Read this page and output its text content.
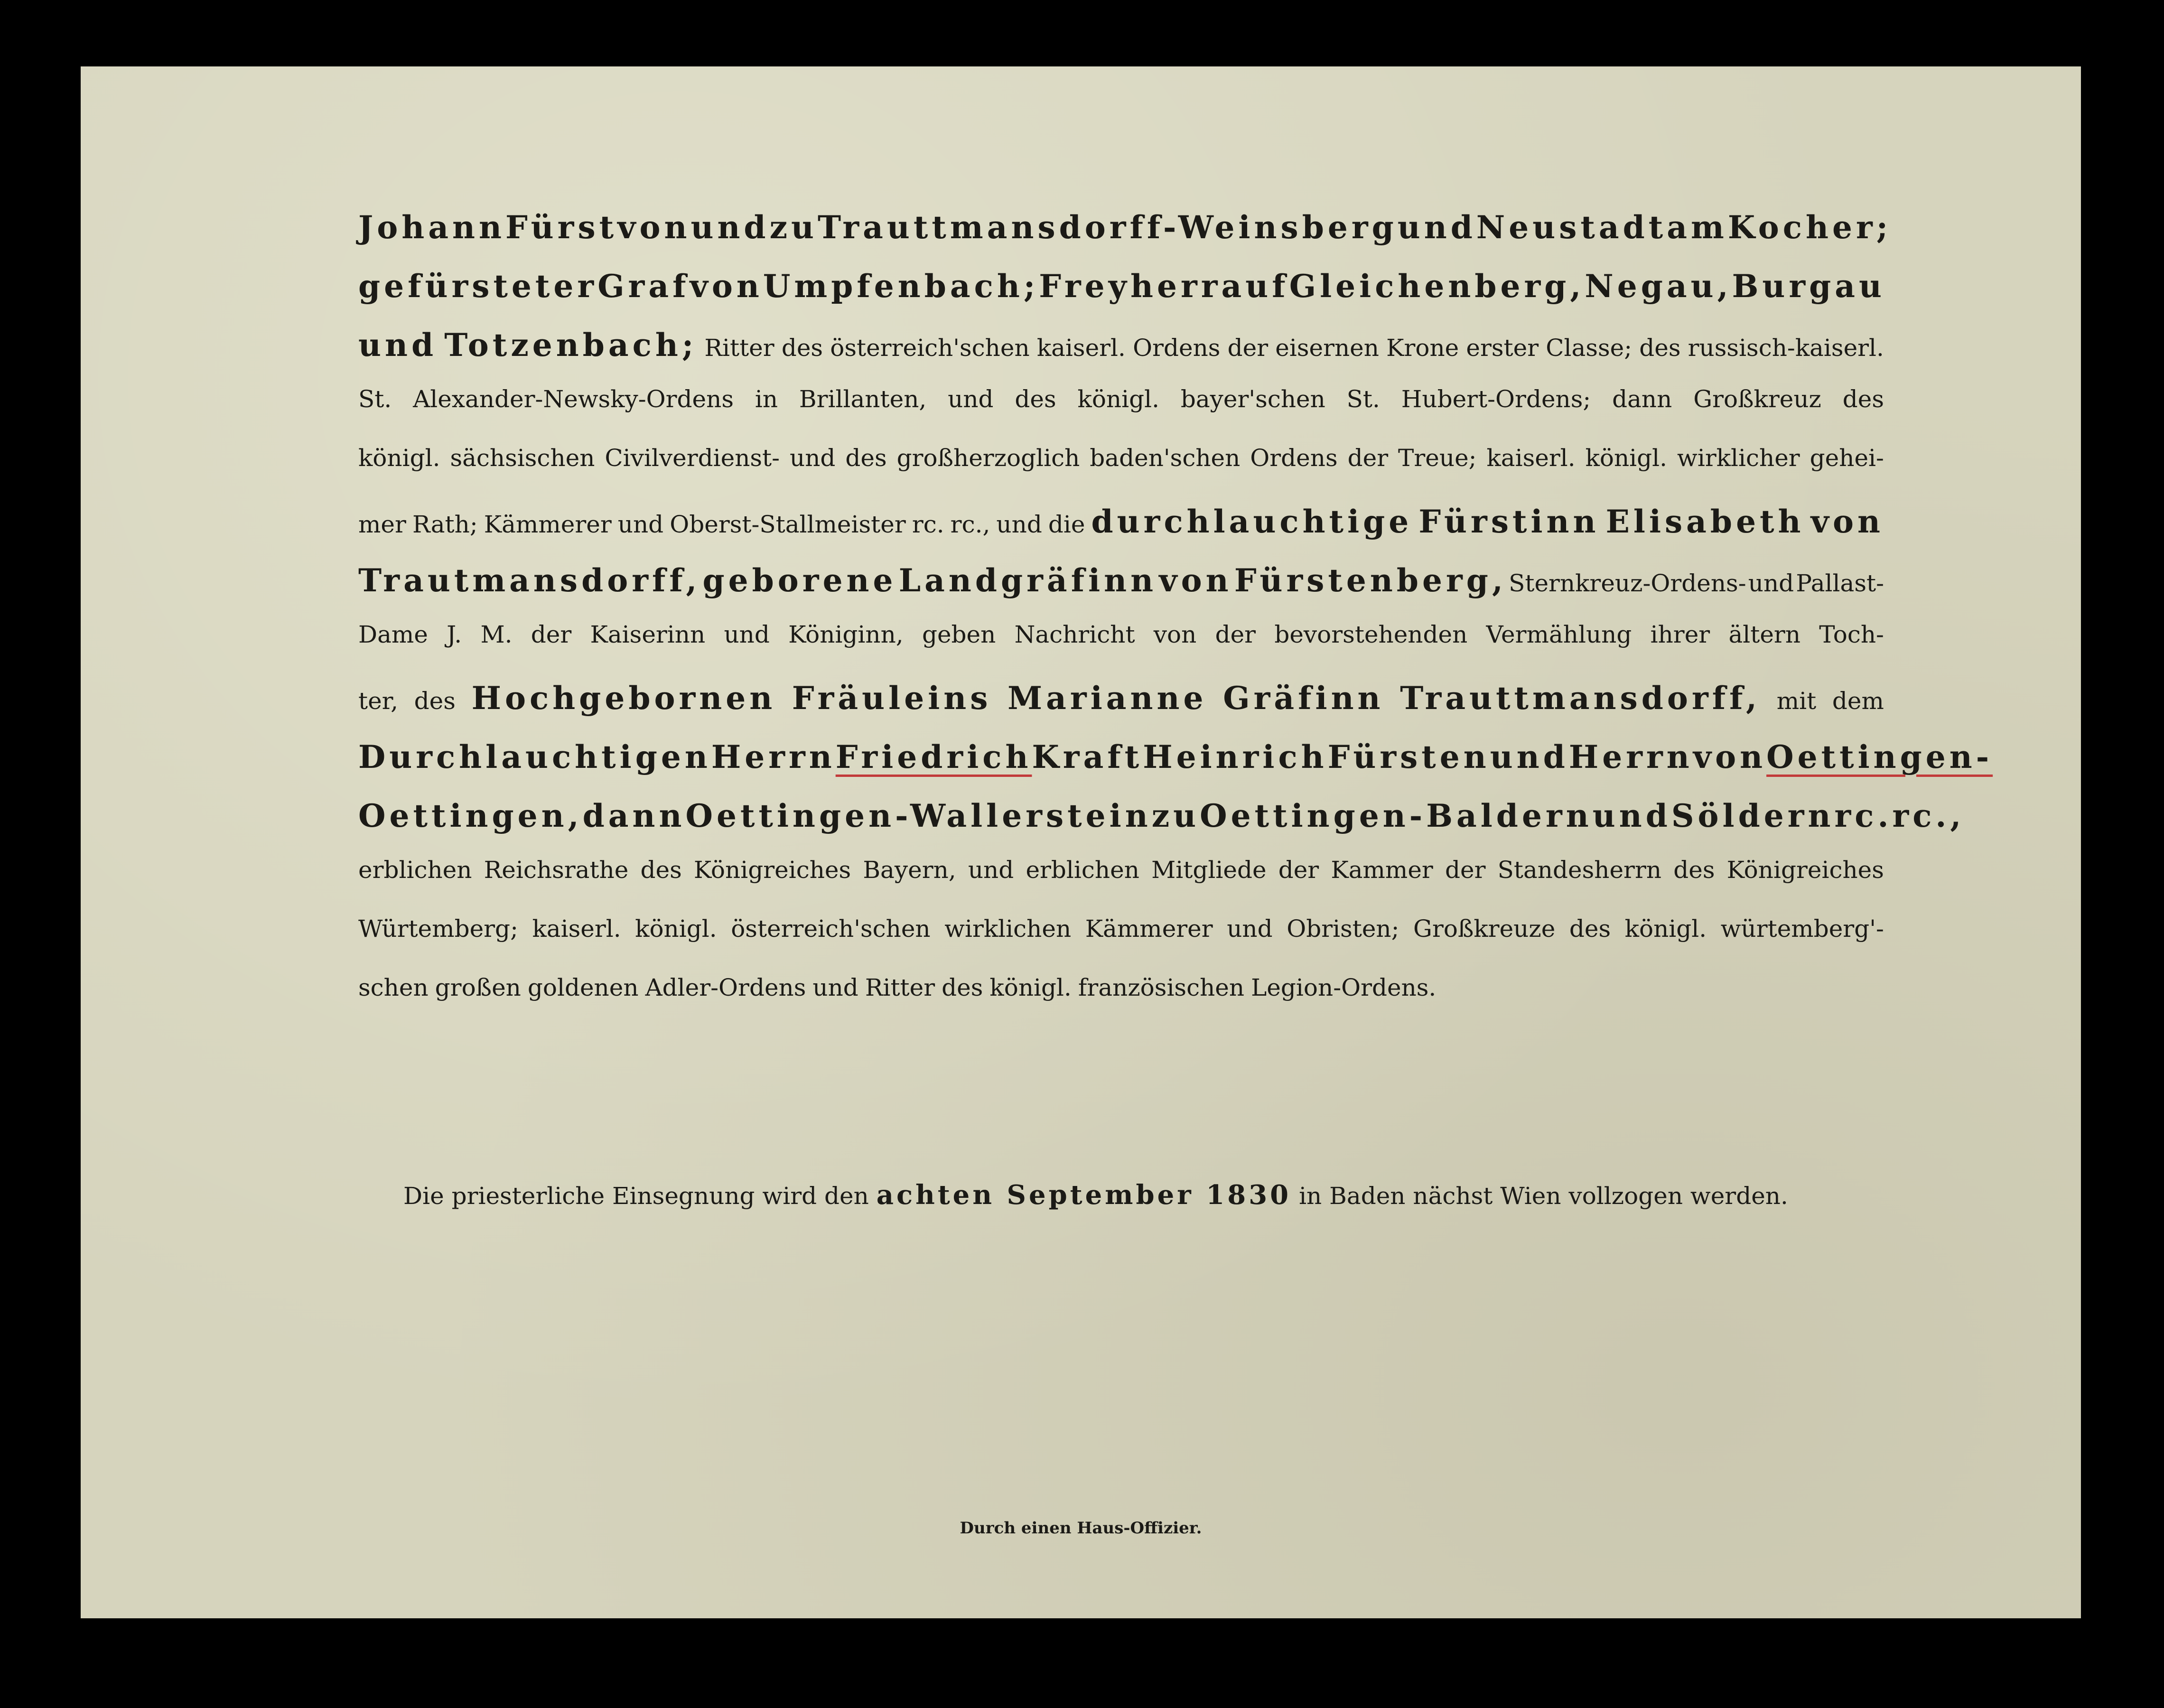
Johann Fürst von und zu Trauttmansdorff-Weinsberg und Neustadt am Kocher;
gefürsteter Graf von Umpfenbach; Freyherr auf Gleichenberg, Negau, Burgau
und Totzenbach; Ritter des österreich'schen kaiserl. Ordens der eisernen Krone erster Classe; des russisch-kaiserl.
St. Alexander-Newsky-Ordens in Brillanten, und des königl. bayer'schen St. Hubert-Ordens; dann Großkreuz des
königl. sächsischen Civilverdienst- und des großherzoglich baden'schen Ordens der Treue; kaiserl. königl. wirklicher gehei-
mer Rath; Kämmerer und Oberst-Stallmeister rc. rc., und die durchlauchtige Fürstinn Elisabeth von
Trautmansdorff, geborene Landgräfinn von Fürstenberg, Sternkreuz-Ordens- und Pallast-
Dame J. M. der Kaiserinn und Königinn, geben Nachricht von der bevorstehenden Vermählung ihrer ältern Toch-
ter, des Hochgebornen Fräuleins Marianne Gräfinn Trauttmansdorff, mit dem
Durchlauchtigen Herrn Friedrich Kraft Heinrich Fürsten und Herrn von Oettingen-
Oettingen, dann Oettingen-Wallerstein zu Oettingen-Baldern und Söldern rc. rc.,
erblichen Reichsrathe des Königreiches Bayern, und erblichen Mitgliede der Kammer der Standesherrn des Königreiches
Würtemberg; kaiserl. königl. österreich'schen wirklichen Kämmerer und Obristen; Großkreuze des königl. würtemberg'-
schen großen goldenen Adler-Ordens und Ritter des königl. französischen Legion-Ordens.
Die priesterliche Einsegnung wird den achten September 1830 in Baden nächst Wien vollzogen werden.
Durch einen Haus-Offizier.
